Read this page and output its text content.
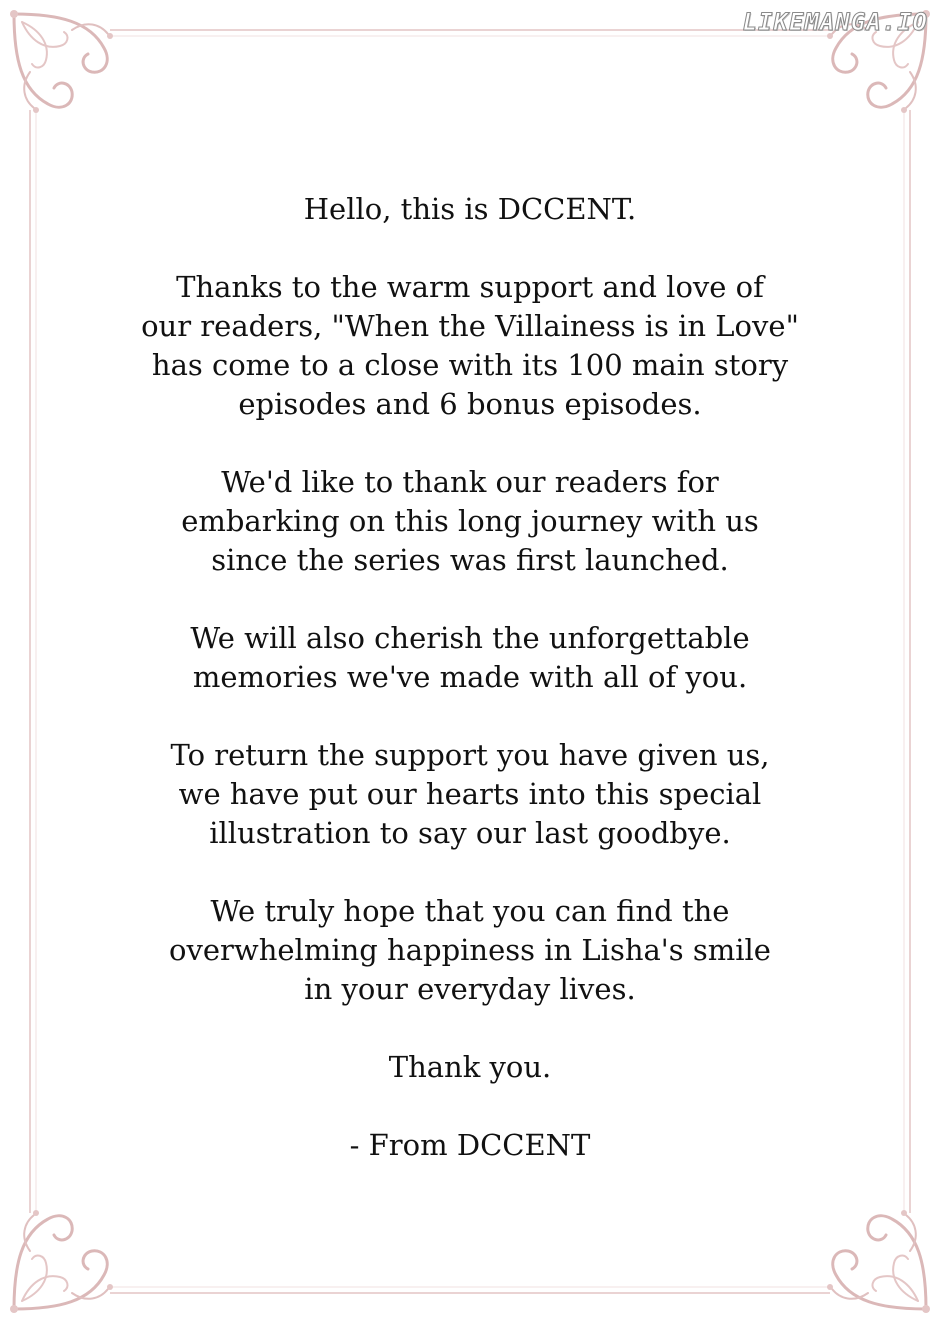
LIKEMANGA.IO

Hello, this is DCCENT.

Thanks to the warm support and love of
our readers, "When the Villainess is in Love"
has come to a close with its 100 main story
episodes and 6 bonus episodes.

We'd like to thank our readers for
embarking on this long journey with us
since the series was first launched.

We will also cherish the unforgettable
memories we've made with all of you.

To return the support you have given us,
we have put our hearts into this special
illustration to say our last goodbye.

We truly hope that you can find the
overwhelming happiness in Lisha's smile
in your everyday lives.

Thank you.

- From DCCENT
